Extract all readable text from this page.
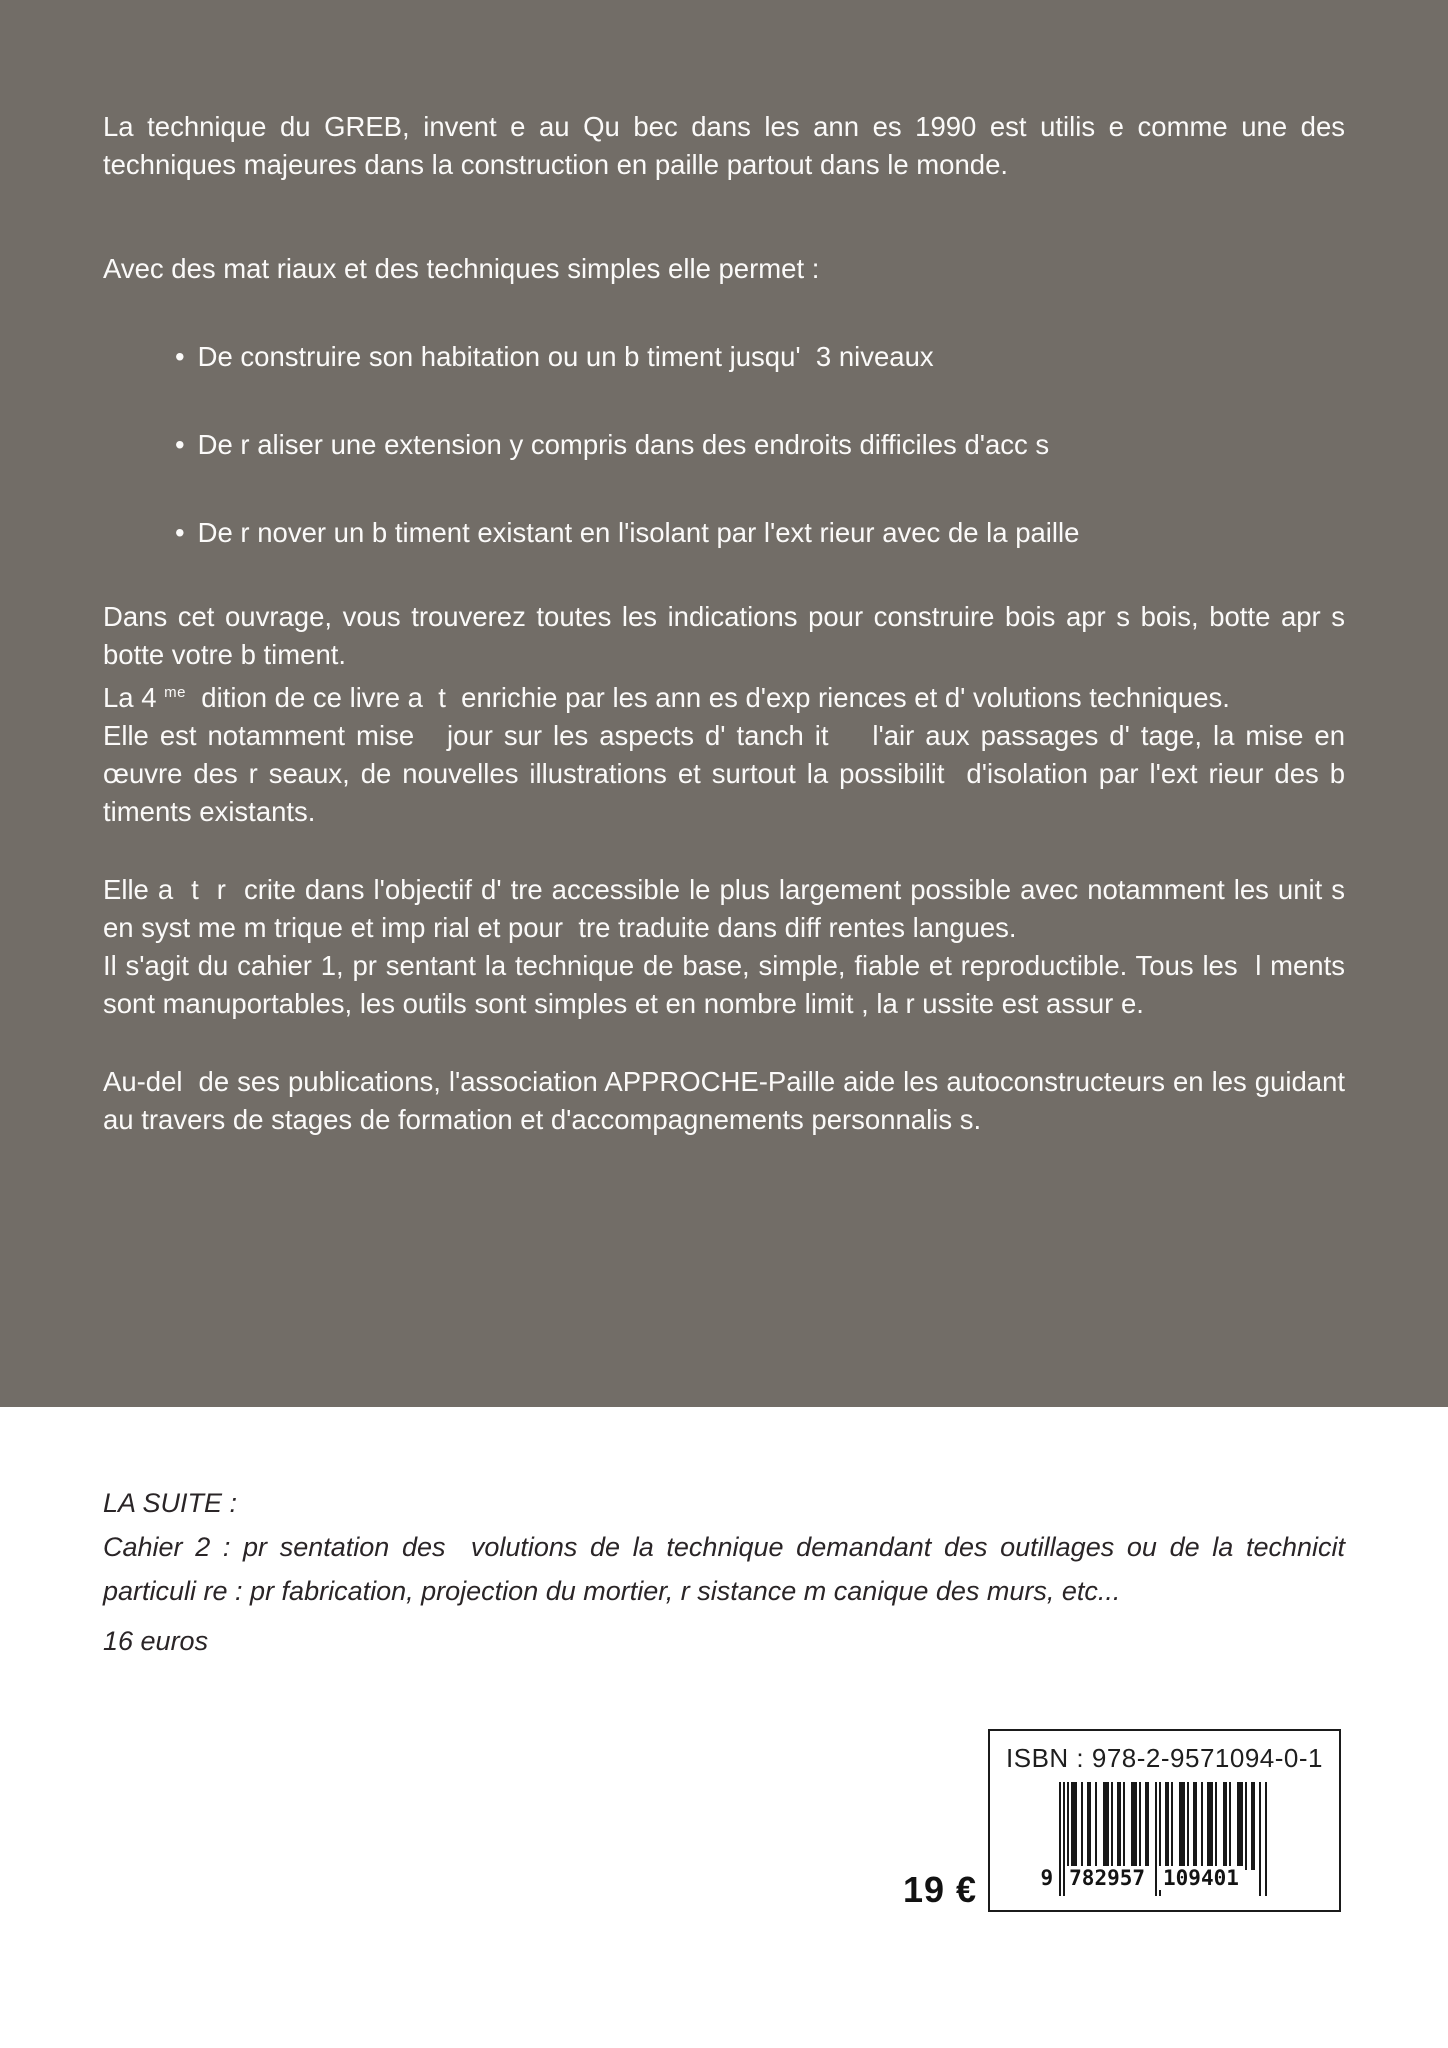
La technique du GREB, invent e au Qu bec dans les ann es 1990 est utilis e comme une des techniques majeures dans la construction en paille partout dans le monde.

Avec des mat riaux et des techniques simples elle permet :

• De construire son habitation ou un b timent jusqu'  3 niveaux
• De r aliser une extension y compris dans des endroits difficiles d'acc s
• De r nover un b timent existant en l'isolant par l'ext rieur avec de la paille

Dans cet ouvrage, vous trouverez toutes les indications pour construire bois apr s bois, botte apr s botte votre b timent.

La 4 $^{me}$  dition de ce livre a  t  enrichie par les ann es d'exp riences et d' volutions techniques.

Elle est notamment mise   jour sur les aspects d' tanch it    l'air aux passages d' tage, la mise en œuvre des r seaux, de nouvelles illustrations et surtout la possibilit  d'isolation par l'ext rieur des b timents existants.

Elle a  t  r  crite dans l'objectif d' tre accessible le plus largement possible avec notamment les unit s en syst me m trique et imp rial et pour  tre traduite dans diff rentes langues.

Il s'agit du cahier 1, pr sentant la technique de base, simple, fiable et reproductible. Tous les  l ments sont manuportables, les outils sont simples et en nombre limit , la r ussite est assur e.

Au-del  de ses publications, l'association APPROCHE-Paille aide les autoconstructeurs en les guidant au travers de stages de formation et d'accompagnements personnalis s.

LA SUITE :

Cahier 2 : pr sentation des  volutions de la technique demandant des outillages ou de la technicit  particuli re : pr fabrication, projection du mortier, r sistance m canique des murs, etc...

16 euros

19 €
ISBN : 978-2-9571094-0-1
9 782957 109401
